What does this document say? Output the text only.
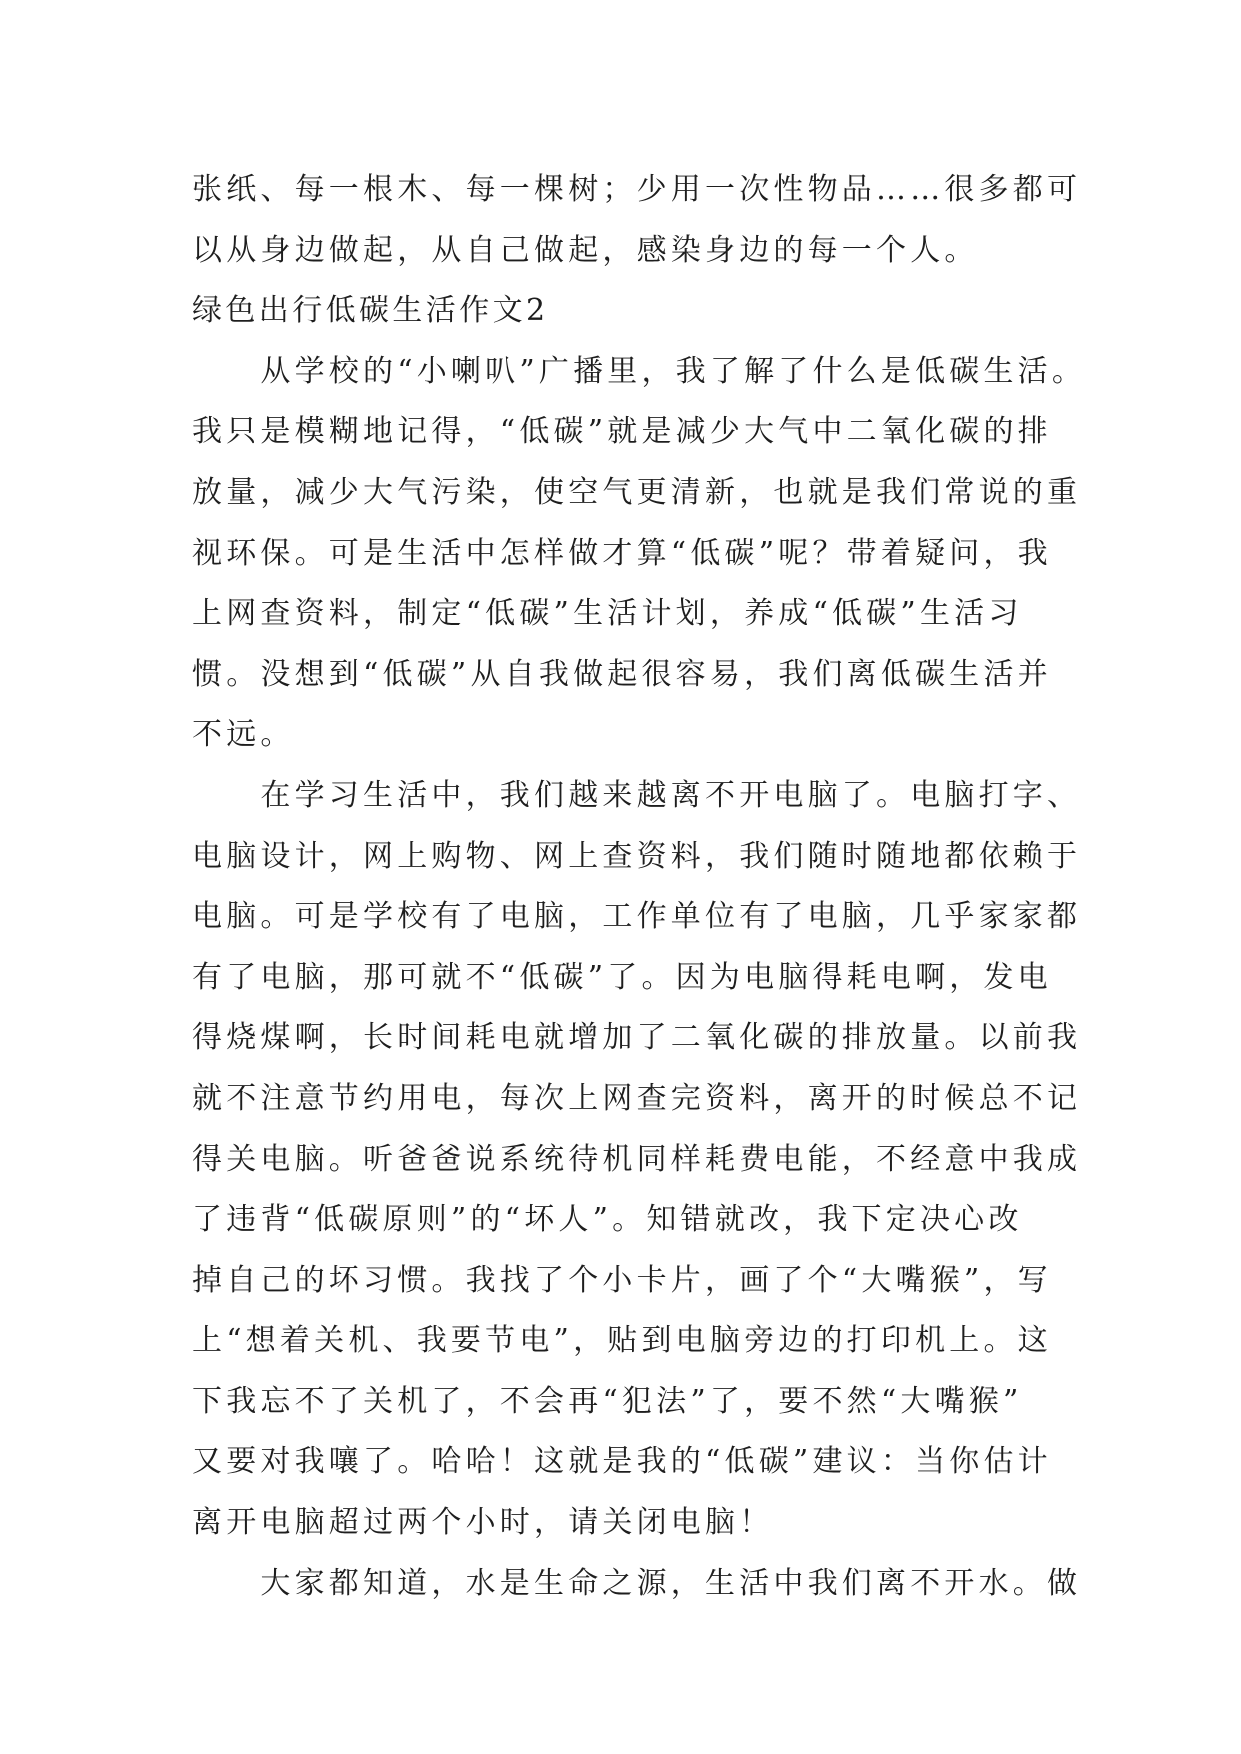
张纸、每一根木、每一棵树；少用一次性物品……很多都可
以从身边做起，从自己做起，感染身边的每一个人。
绿色出行低碳生活作文2
　　从学校的“小喇叭”广播里，我了解了什么是低碳生活。
我只是模糊地记得，“低碳”就是减少大气中二氧化碳的排
放量，减少大气污染，使空气更清新，也就是我们常说的重
视环保。可是生活中怎样做才算“低碳”呢？带着疑问，我
上网查资料，制定“低碳”生活计划，养成“低碳”生活习
惯。没想到“低碳”从自我做起很容易，我们离低碳生活并
不远。
　　在学习生活中，我们越来越离不开电脑了。电脑打字、
电脑设计，网上购物、网上查资料，我们随时随地都依赖于
电脑。可是学校有了电脑，工作单位有了电脑，几乎家家都
有了电脑，那可就不“低碳”了。因为电脑得耗电啊，发电
得烧煤啊，长时间耗电就增加了二氧化碳的排放量。以前我
就不注意节约用电，每次上网查完资料，离开的时候总不记
得关电脑。听爸爸说系统待机同样耗费电能，不经意中我成
了违背“低碳原则”的“坏人”。知错就改，我下定决心改
掉自己的坏习惯。我找了个小卡片，画了个“大嘴猴”，写
上“想着关机、我要节电”，贴到电脑旁边的打印机上。这
下我忘不了关机了，不会再“犯法”了，要不然“大嘴猴”
又要对我嚷了。哈哈！这就是我的“低碳”建议：当你估计
离开电脑超过两个小时，请关闭电脑！
　　大家都知道，水是生命之源，生活中我们离不开水。做
